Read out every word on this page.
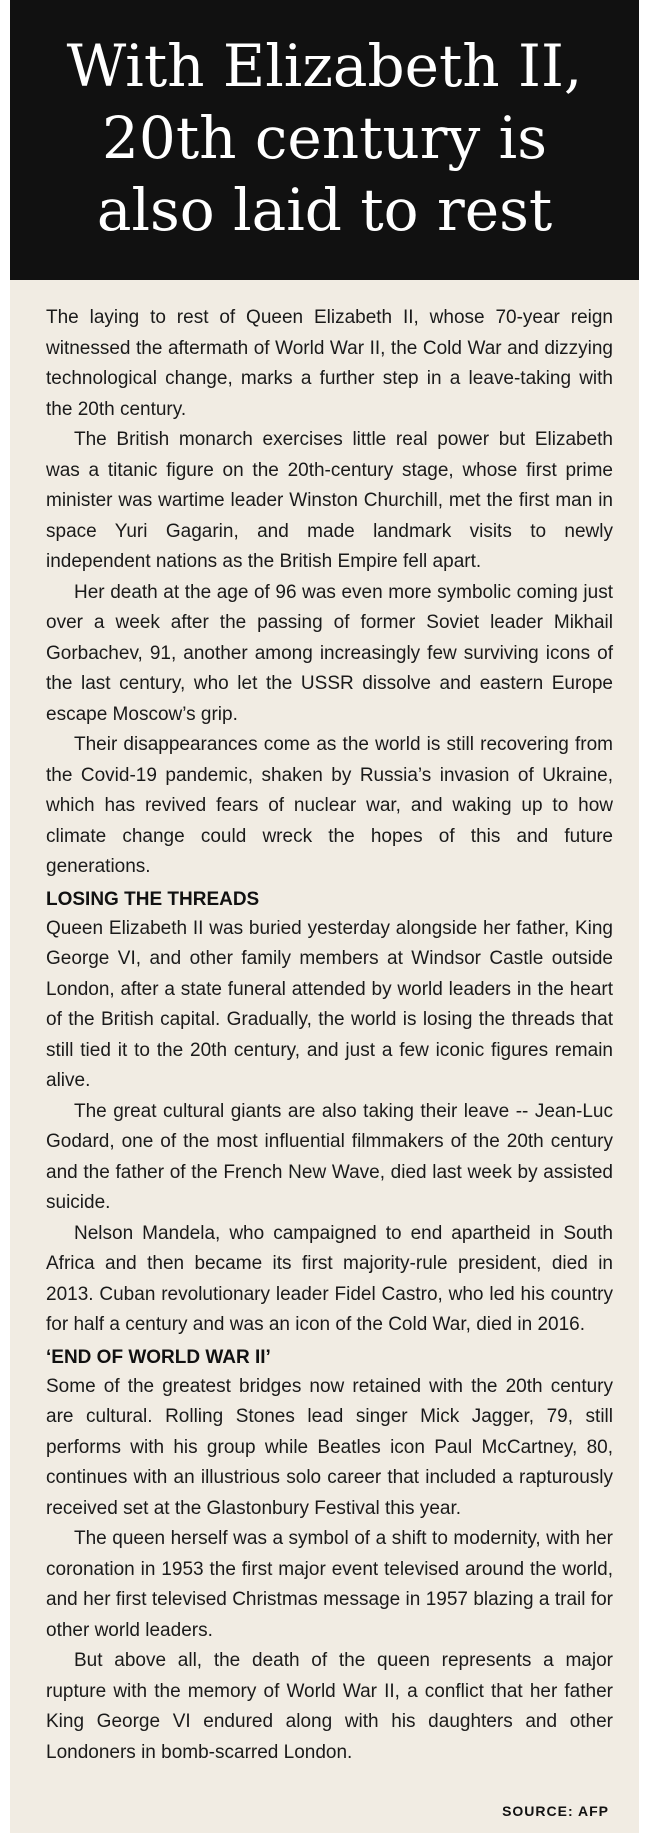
With Elizabeth II,
20th century is
also laid to rest

The laying to rest of Queen Elizabeth II, whose 70-year reign witnessed the aftermath of World War II, the Cold War and dizzying technological change, marks a further step in a leave-taking with the 20th century.

The British monarch exercises little real power but Elizabeth was a titanic figure on the 20th-century stage, whose first prime minister was wartime leader Winston Churchill, met the first man in space Yuri Gagarin, and made landmark visits to newly independent nations as the British Empire fell apart.

Her death at the age of 96 was even more symbolic coming just over a week after the passing of former Soviet leader Mikhail Gorbachev, 91, another among increasingly few surviving icons of the last century, who let the USSR dissolve and eastern Europe escape Moscow’s grip.

Their disappearances come as the world is still recovering from the Covid-19 pandemic, shaken by Russia’s invasion of Ukraine, which has revived fears of nuclear war, and waking up to how climate change could wreck the hopes of this and future generations.

LOSING THE THREADS

Queen Elizabeth II was buried yesterday alongside her father, King George VI, and other family members at Windsor Castle outside London, after a state funeral attended by world leaders in the heart of the British capital. Gradually, the world is losing the threads that still tied it to the 20th century, and just a few iconic figures remain alive.

The great cultural giants are also taking their leave -- Jean-Luc Godard, one of the most influential filmmakers of the 20th century and the father of the French New Wave, died last week by assisted suicide.

Nelson Mandela, who campaigned to end apartheid in South Africa and then became its first majority-rule president, died in 2013. Cuban revolutionary leader Fidel Castro, who led his country for half a century and was an icon of the Cold War, died in 2016.

‘END OF WORLD WAR II’

Some of the greatest bridges now retained with the 20th century are cultural. Rolling Stones lead singer Mick Jagger, 79, still performs with his group while Beatles icon Paul McCartney, 80, continues with an illustrious solo career that included a rapturously received set at the Glastonbury Festival this year.

The queen herself was a symbol of a shift to modernity, with her coronation in 1953 the first major event televised around the world, and her first televised Christmas message in 1957 blazing a trail for other world leaders.

But above all, the death of the queen represents a major rupture with the memory of World War II, a conflict that her father King George VI endured along with his daughters and other Londoners in bomb-scarred London.

SOURCE: AFP
